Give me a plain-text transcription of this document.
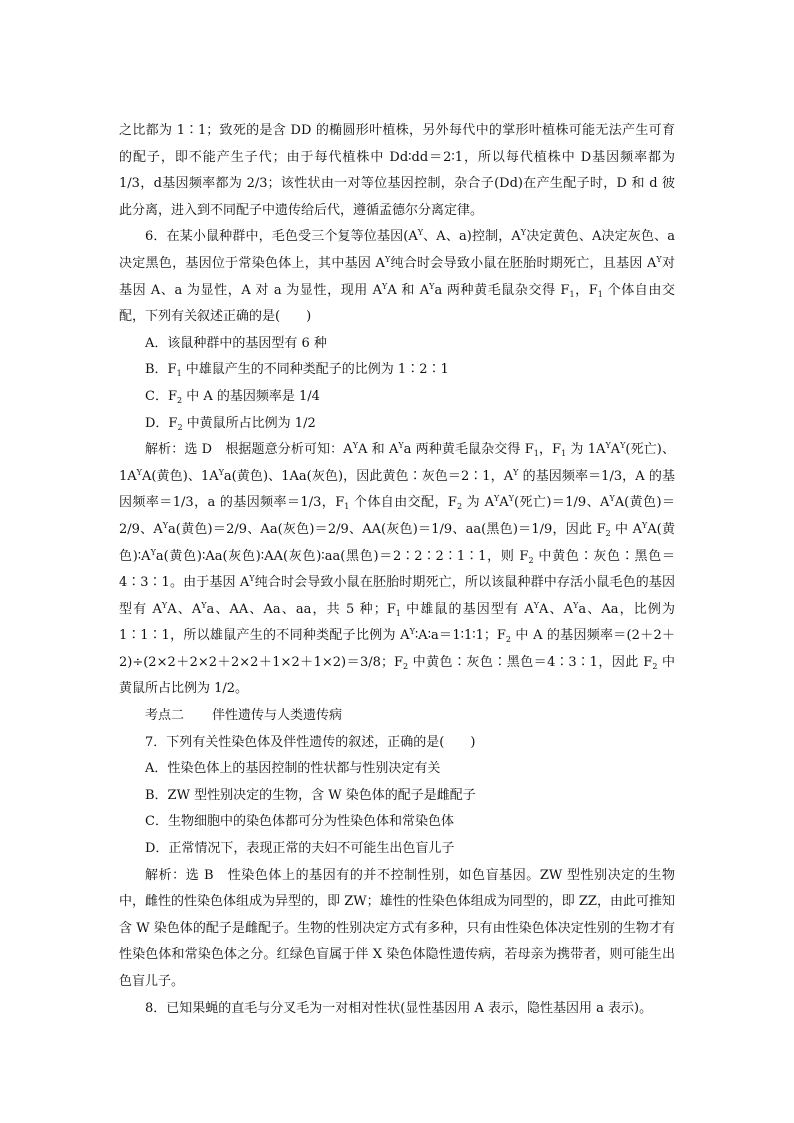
之比都为 1∶1；致死的是含 DD 的椭圆形叶植株，另外每代中的掌形叶植株可能无法产生可育的配子，即不能产生子代；由于每代植株中 Dd∶dd＝2∶1，所以每代植株中 D基因频率都为 1/3，d基因频率都为 2/3；该性状由一对等位基因控制，杂合子(Dd)在产生配子时，D 和 d 彼此分离，进入到不同配子中遗传给后代，遵循孟德尔分离定律。

6．在某小鼠种群中，毛色受三个复等位基因($A^Y$、A、a)控制，$A^Y$决定黄色、A决定灰色、a 决定黑色，基因位于常染色体上，其中基因 $A^Y$纯合时会导致小鼠在胚胎时期死亡，且基因 $A^Y$对基因 A、a 为显性，A 对 a 为显性，现用 $A^YA$ 和 $A^Ya$ 两种黄毛鼠杂交得 $F_1$，$F_1$ 个体自由交配，下列有关叙述正确的是(　　)

A．该鼠种群中的基因型有 6 种

B．$F_1$ 中雄鼠产生的不同种类配子的比例为 1∶2∶1

C．$F_2$ 中 A 的基因频率是 1/4

D．$F_2$ 中黄鼠所占比例为 1/2

解析：选 D　根据题意分析可知：$A^YA$ 和 $A^Ya$ 两种黄毛鼠杂交得 $F_1$，$F_1$ 为 $1A^YA^Y$(死亡)、$1A^YA$(黄色)、$1A^Ya$(黄色)、1Aa(灰色)，因此黄色∶灰色＝2∶1，$A^Y$ 的基因频率＝1/3，A 的基因频率＝1/3，a 的基因频率＝1/3，$F_1$ 个体自由交配，$F_2$ 为 $A^YA^Y$(死亡)＝1/9、$A^YA$(黄色)＝2/9、$A^Ya$(黄色)＝2/9、Aa(灰色)＝2/9、AA(灰色)＝1/9、aa(黑色)＝1/9，因此 $F_2$ 中 $A^YA$(黄色)$∶A^Ya$(黄色)∶Aa(灰色)∶AA(灰色)∶aa(黑色)＝2∶2∶2∶1∶1，则 $F_2$ 中黄色∶灰色∶黑色＝4∶3∶1。由于基因 $A^Y$纯合时会导致小鼠在胚胎时期死亡，所以该鼠种群中存活小鼠毛色的基因型有 $A^YA$、$A^Ya$、AA、Aa、aa，共 5 种；$F_1$ 中雄鼠的基因型有 $A^YA$、$A^Ya$、Aa，比例为 1∶1∶1，所以雄鼠产生的不同种类配子比例为 $A^Y∶A∶a=1∶1∶1$；$F_2$ 中 A 的基因频率＝(2＋2＋2)÷(2×2＋2×2＋2×2＋1×2＋1×2)＝3/8；$F_2$ 中黄色∶灰色∶黑色＝4∶3∶1，因此 $F_2$ 中黄鼠所占比例为 1/2。

考点二 伴性遗传与人类遗传病

7．下列有关性染色体及伴性遗传的叙述，正确的是(　　)

A．性染色体上的基因控制的性状都与性别决定有关

B．ZW 型性别决定的生物，含 W 染色体的配子是雌配子

C．生物细胞中的染色体都可分为性染色体和常染色体

D．正常情况下，表现正常的夫妇不可能生出色盲儿子

解析：选 B　性染色体上的基因有的并不控制性别，如色盲基因。ZW 型性别决定的生物中，雌性的性染色体组成为异型的，即 ZW；雄性的性染色体组成为同型的，即 ZZ，由此可推知含 W 染色体的配子是雌配子。生物的性别决定方式有多种，只有由性染色体决定性别的生物才有性染色体和常染色体之分。红绿色盲属于伴 X 染色体隐性遗传病，若母亲为携带者，则可能生出色盲儿子。

8．已知果蝇的直毛与分叉毛为一对相对性状(显性基因用 A 表示，隐性基因用 a 表示)。
